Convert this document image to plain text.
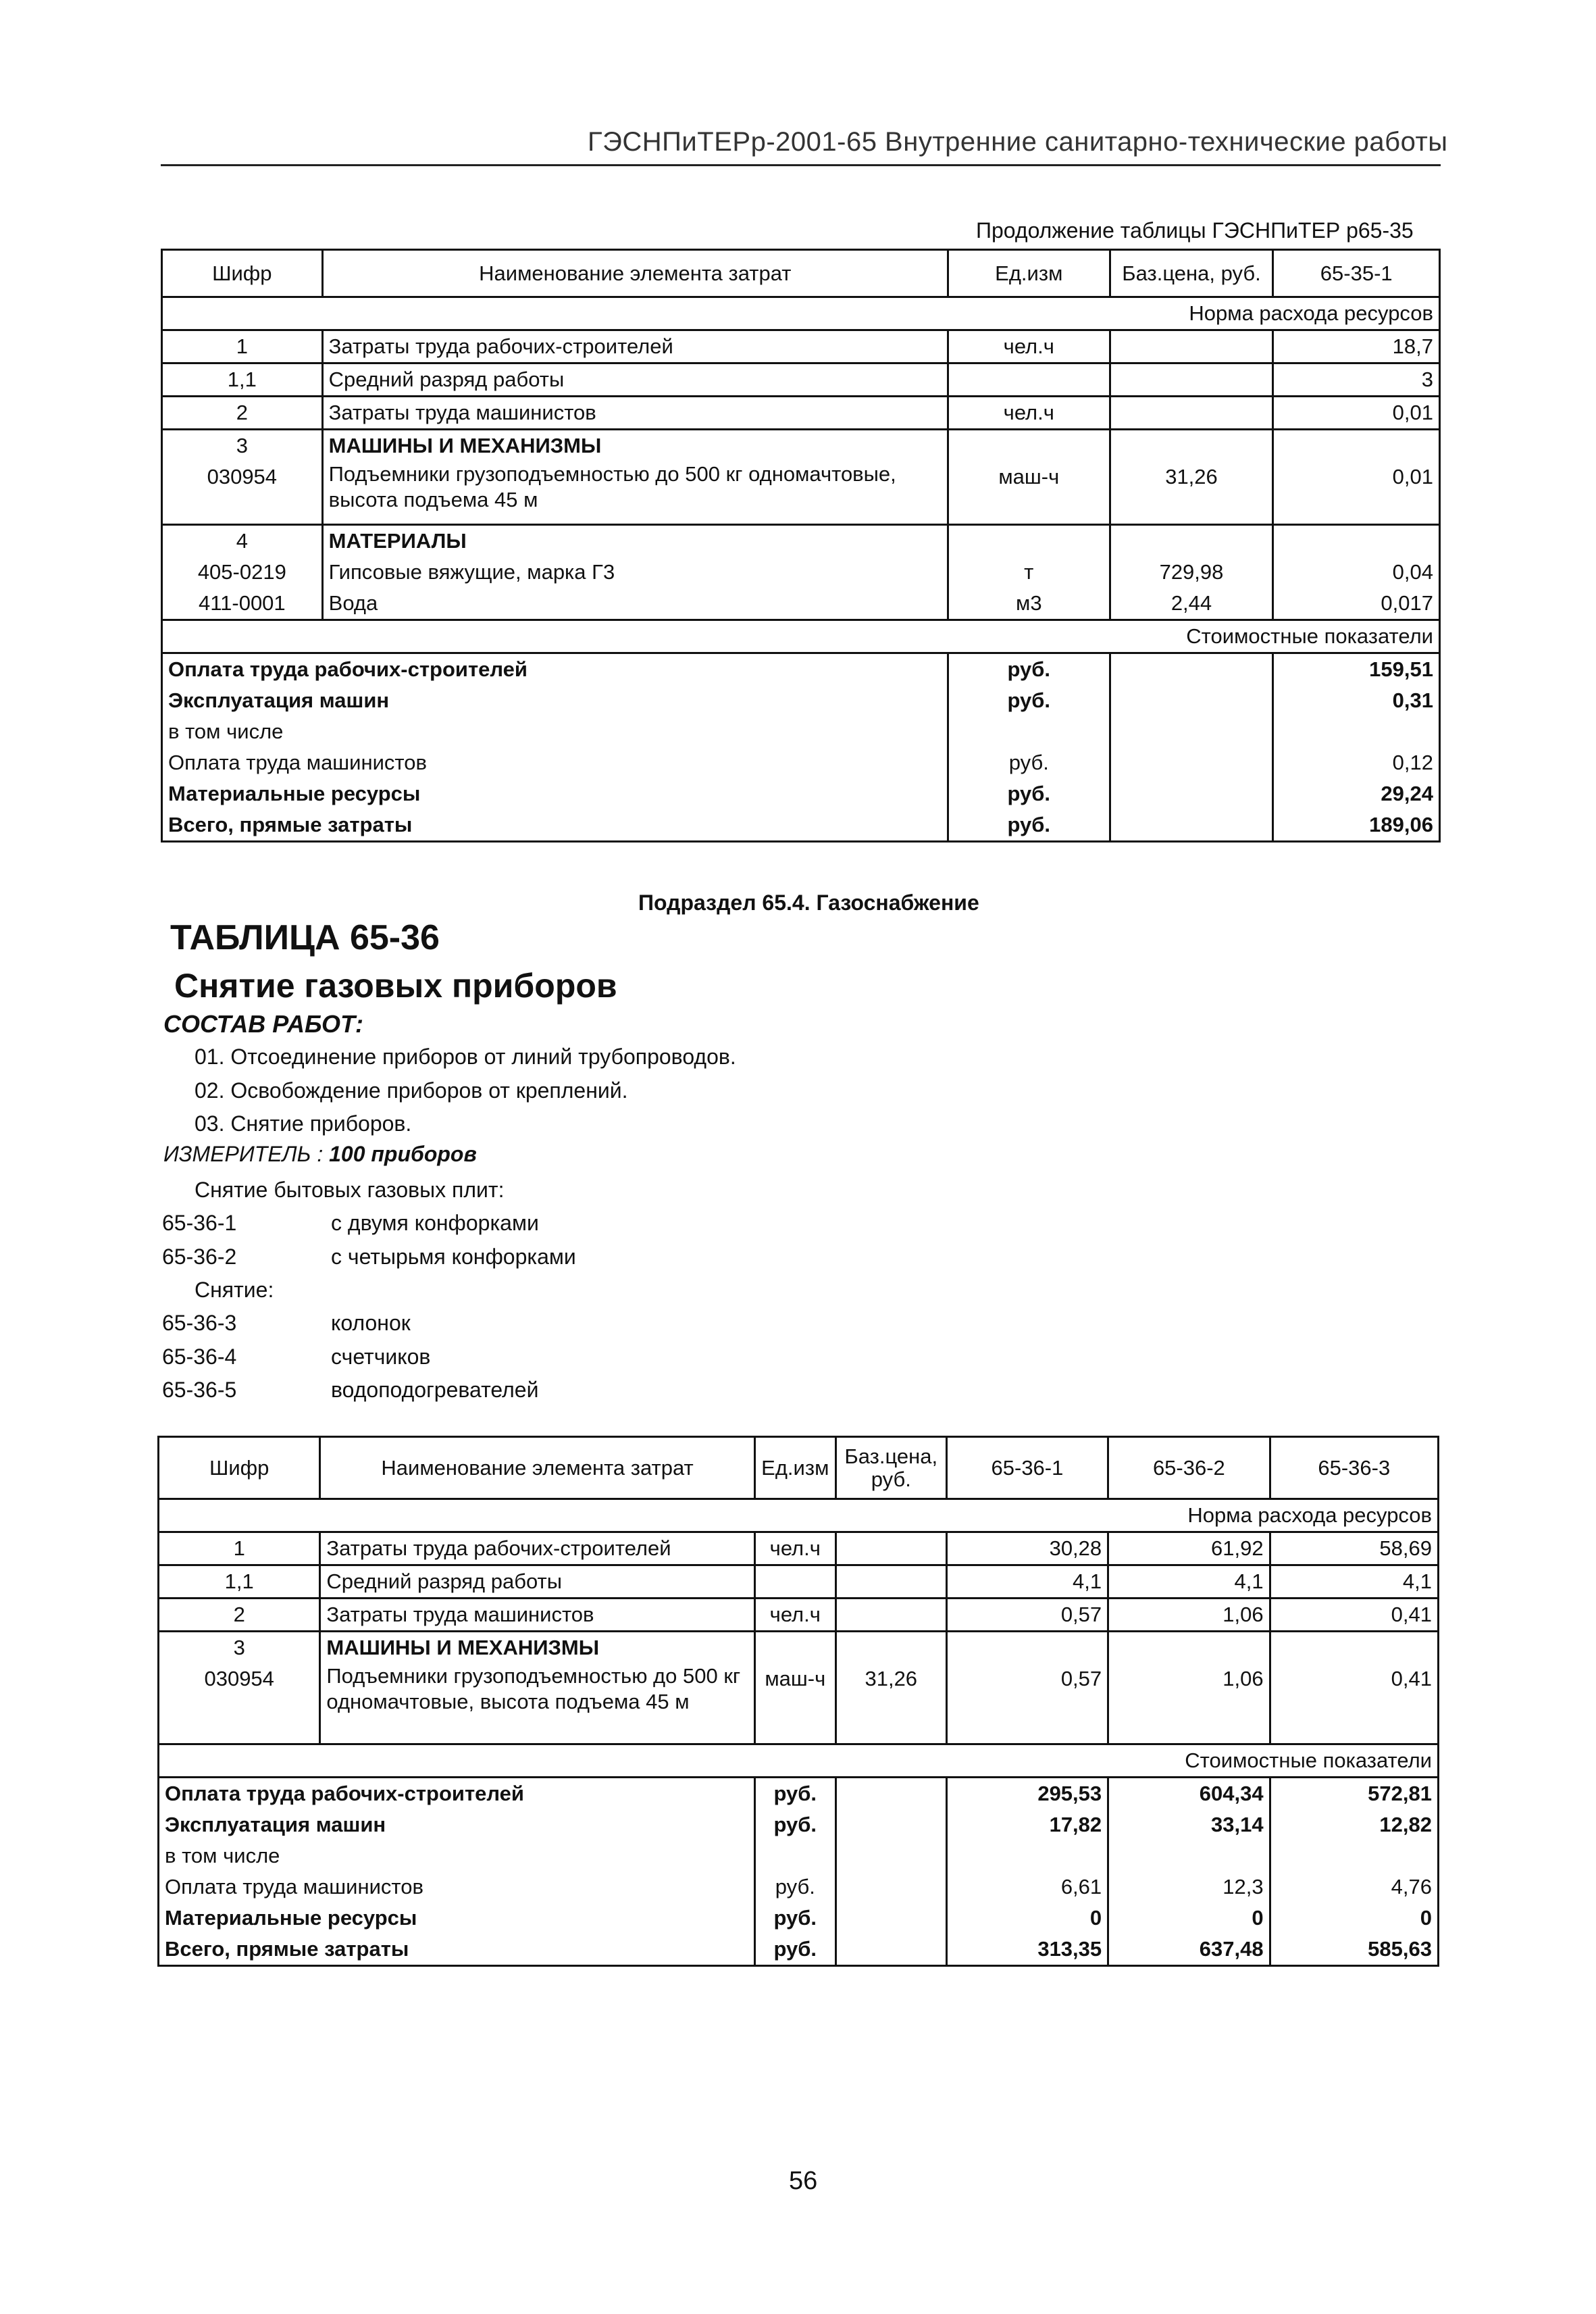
ГЭСНПиТЕРр-2001-65 Внутренние санитарно-технические работы
Продолжение таблицы ГЭСНПиТЕР р65-35
Шифр	Наименование элемента затрат	Ед.изм	Баз.цена, руб.	65-35-1
Норма расхода ресурсов				
1	Затраты труда рабочих-строителей	чел.ч		18,7
1,1	Средний разряд работы			3
2	Затраты труда машинистов	чел.ч		0,01
3	МАШИНЫ И МЕХАНИЗМЫ			
030954	Подъемники грузоподъемностью до 500 кг одномачтовые, высота подъема 45 м	маш-ч	31,26	0,01
4	МАТЕРИАЛЫ			
405-0219	Гипсовые вяжущие, марка Г3	т	729,98	0,04
411-0001	Вода	м3	2,44	0,017
Стоимостные показатели				
Оплата труда рабочих-строителей		руб.		159,51
Эксплуатация машин		руб.		0,31
в том числе				
Оплата труда машинистов		руб.		0,12
Материальные ресурсы		руб.		29,24
Всего, прямые затраты		руб.		189,06
Подраздел 65.4. Газоснабжение
ТАБЛИЦА 65-36
Снятие газовых приборов
СОСТАВ РАБОТ:
01. Отсоединение приборов от линий трубопроводов.
02. Освобождение приборов от креплений.
03. Снятие приборов.
ИЗМЕРИТЕЛЬ : 100 приборов
Снятие бытовых газовых плит:
65-36-1	с двумя конфорками
65-36-2	с четырьмя конфорками
Снятие:
65-36-3	колонок
65-36-4	счетчиков
65-36-5	водоподогревателей
Шифр	Наименование элемента затрат	Ед.изм	Баз.цена, руб.	65-36-1	65-36-2	65-36-3
Норма расхода ресурсов						
1	Затраты труда рабочих-строителей	чел.ч		30,28	61,92	58,69
1,1	Средний разряд работы			4,1	4,1	4,1
2	Затраты труда машинистов	чел.ч		0,57	1,06	0,41
3	МАШИНЫ И МЕХАНИЗМЫ					
030954	Подъемники грузоподъемностью до 500 кг одномачтовые, высота подъема 45 м	маш-ч	31,26	0,57	1,06	0,41
Стоимостные показатели						
Оплата труда рабочих-строителей		руб.		295,53	604,34	572,81
Эксплуатация машин		руб.		17,82	33,14	12,82
в том числе						
Оплата труда машинистов		руб.		6,61	12,3	4,76
Материальные ресурсы		руб.		0	0	0
Всего, прямые затраты		руб.		313,35	637,48	585,63
56
